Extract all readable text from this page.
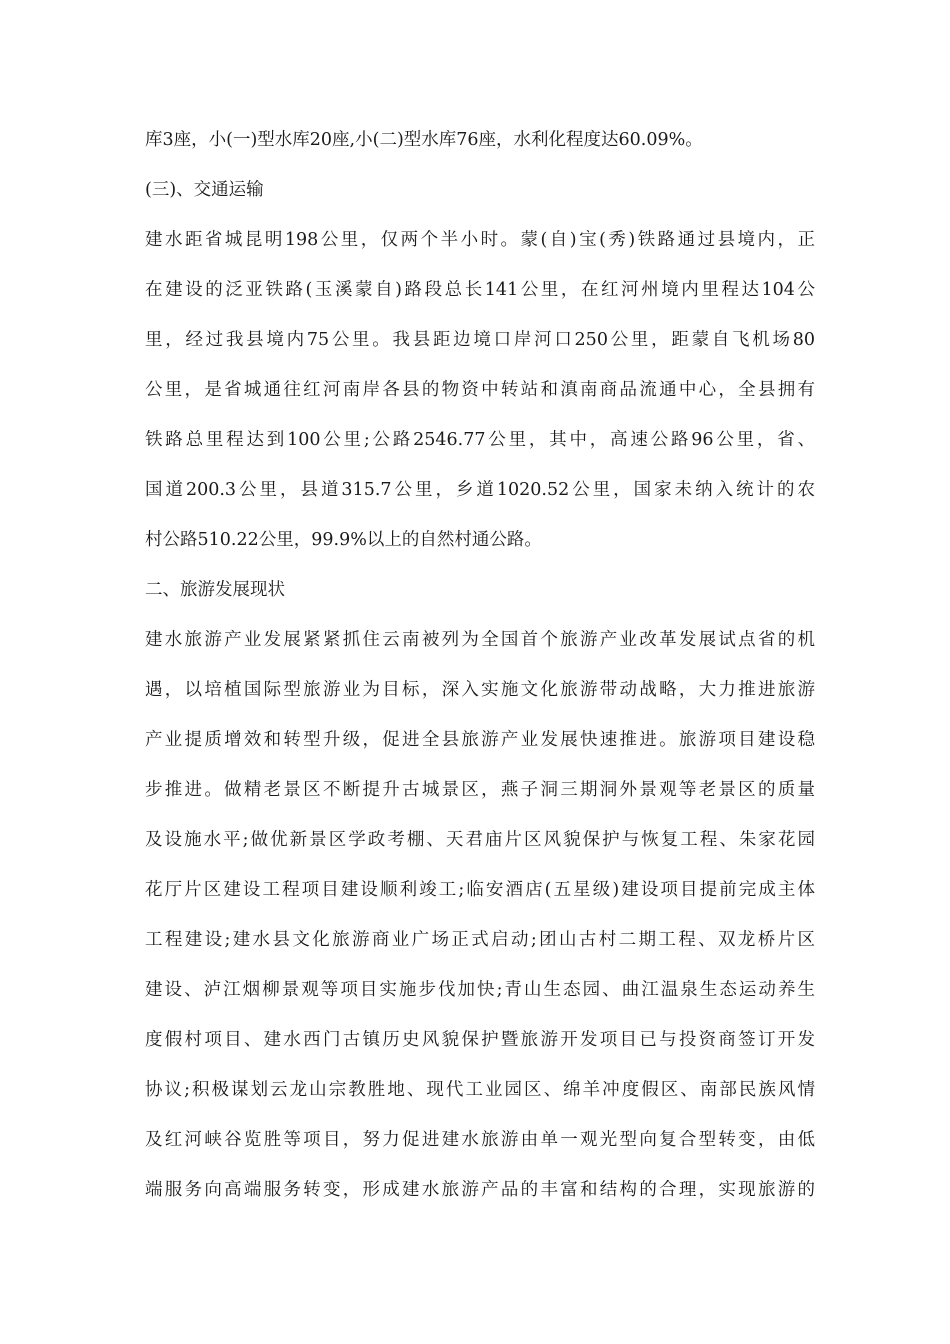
库3座，小(一)型水库20座,小(二)型水库76座，水利化程度达60.09%。
(三)、交通运输
建水距省城昆明198公里，仅两个半小时。蒙(自)宝(秀)铁路通过县境内，正
在建设的泛亚铁路(玉溪蒙自)路段总长141公里，在红河州境内里程达104公
里，经过我县境内75公里。我县距边境口岸河口250公里，距蒙自飞机场80
公里，是省城通往红河南岸各县的物资中转站和滇南商品流通中心，全县拥有
铁路总里程达到100公里;公路2546.77公里，其中，高速公路96公里，省、
国道200.3公里，县道315.7公里，乡道1020.52公里，国家未纳入统计的农
村公路510.22公里，99.9%以上的自然村通公路。
二、旅游发展现状
建水旅游产业发展紧紧抓住云南被列为全国首个旅游产业改革发展试点省的机
遇，以培植国际型旅游业为目标，深入实施文化旅游带动战略，大力推进旅游
产业提质增效和转型升级，促进全县旅游产业发展快速推进。旅游项目建设稳
步推进。做精老景区不断提升古城景区，燕子洞三期洞外景观等老景区的质量
及设施水平;做优新景区学政考棚、天君庙片区风貌保护与恢复工程、朱家花园
花厅片区建设工程项目建设顺利竣工;临安酒店(五星级)建设项目提前完成主体
工程建设;建水县文化旅游商业广场正式启动;团山古村二期工程、双龙桥片区
建设、泸江烟柳景观等项目实施步伐加快;青山生态园、曲江温泉生态运动养生
度假村项目、建水西门古镇历史风貌保护暨旅游开发项目已与投资商签订开发
协议;积极谋划云龙山宗教胜地、现代工业园区、绵羊冲度假区、南部民族风情
及红河峡谷览胜等项目，努力促进建水旅游由单一观光型向复合型转变，由低
端服务向高端服务转变，形成建水旅游产品的丰富和结构的合理，实现旅游的
